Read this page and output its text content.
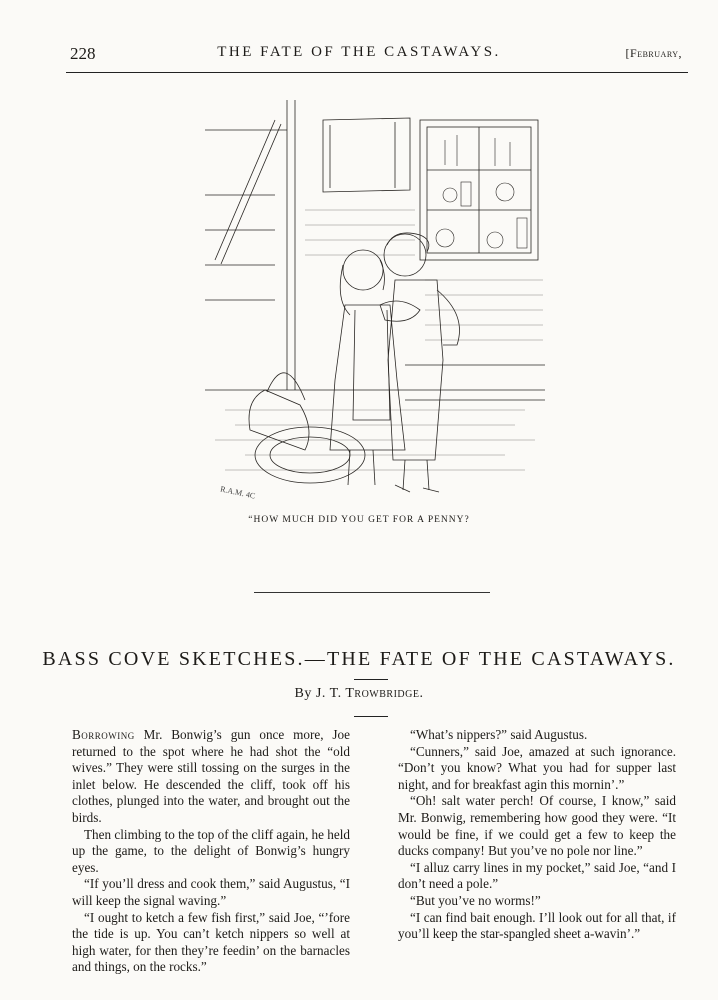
228	THE FATE OF THE CASTAWAYS.	[February,
R.A.M. 4C
“HOW MUCH DID YOU GET FOR A PENNY?
BASS COVE SKETCHES.—THE FATE OF THE CASTAWAYS.
By J. T. Trowbridge.

Borrowing Mr. Bonwig’s gun once more, Joe returned to the spot where he had shot the “old wives.” They were still tossing on the surges in the inlet below. He descended the cliff, took off his clothes, plunged into the water, and brought out the birds.

Then climbing to the top of the cliff again, he held up the game, to the delight of Bonwig’s hungry eyes.

“If you’ll dress and cook them,” said Augustus, “I will keep the signal waving.”

“I ought to ketch a few fish first,” said Joe, “’fore the tide is up. You can’t ketch nippers so well at high water, for then they’re feedin’ on the barnacles and things, on the rocks.”

“What’s nippers?” said Augustus.

“Cunners,” said Joe, amazed at such ignorance. “Don’t you know? What you had for supper last night, and for breakfast agin this mornin’.”

“Oh! salt water perch! Of course, I know,” said Mr. Bonwig, remembering how good they were. “It would be fine, if we could get a few to keep the ducks company! But you’ve no pole nor line.”

“I alluz carry lines in my pocket,” said Joe, “and I don’t need a pole.”

“But you’ve no worms!”

“I can find bait enough. I’ll look out for all that, if you’ll keep the star-spangled sheet a-wavin’.”
